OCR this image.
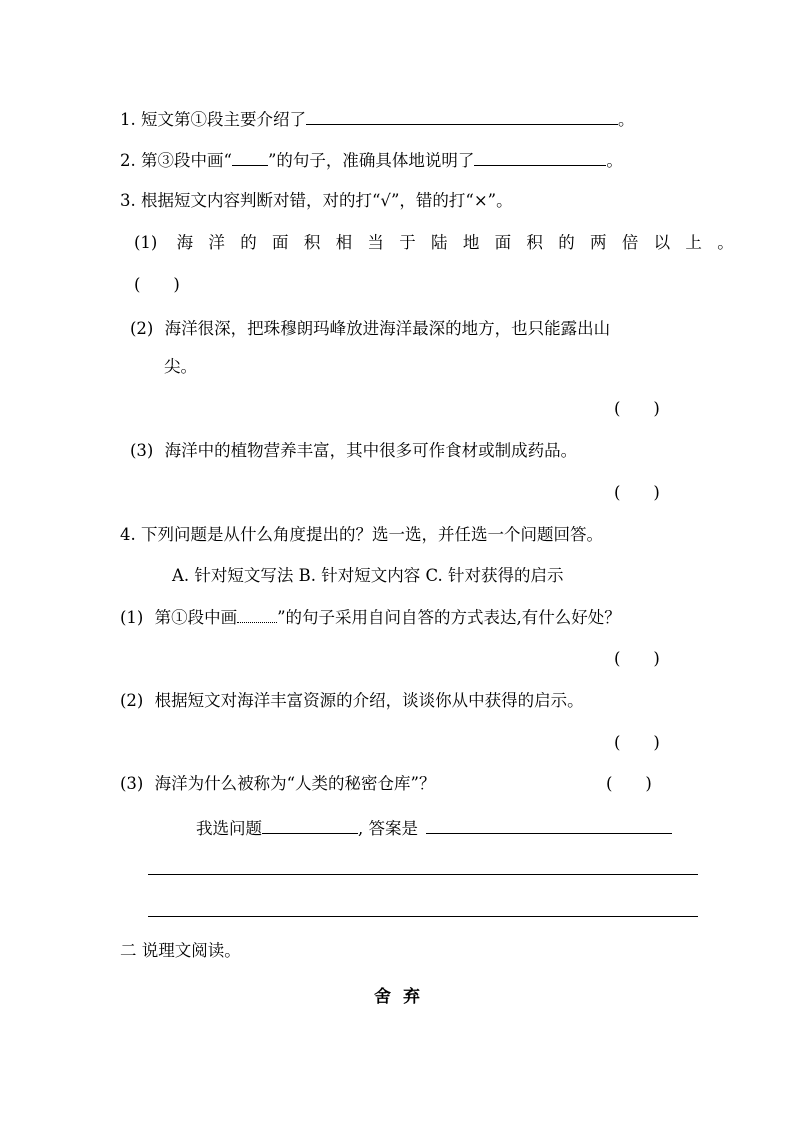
1. 短文第①段主要介绍了	。
2. 第③段中画“ ”的句子，准确具体地说明了	。
3. 根据短文内容判断对错，对的打“√”，错的打“×”。
(1) 海洋的面积相当于陆地面积的两倍以上。
(　　)
(2) 海洋很深，把珠穆朗玛峰放进海洋最深的地方，也只能露出山
尖。
(　　)
(3) 海洋中的植物营养丰富，其中很多可作食材或制成药品。
(　　)
4. 下列问题是从什么角度提出的？选一选，并任选一个问题回答。
A. 针对短文写法 B. 针对短文内容 C. 针对获得的启示
(1) 第①段中画 ”的句子采用自问自答的方式表达,有什么好处？
(　　)
(2) 根据短文对海洋丰富资源的介绍，谈谈你从中获得的启示。
(　　)
(3) 海洋为什么被称为“人类的秘密仓库”？	(　　)
我选问题	, 答案是
二 说理文阅读。
舍弃
